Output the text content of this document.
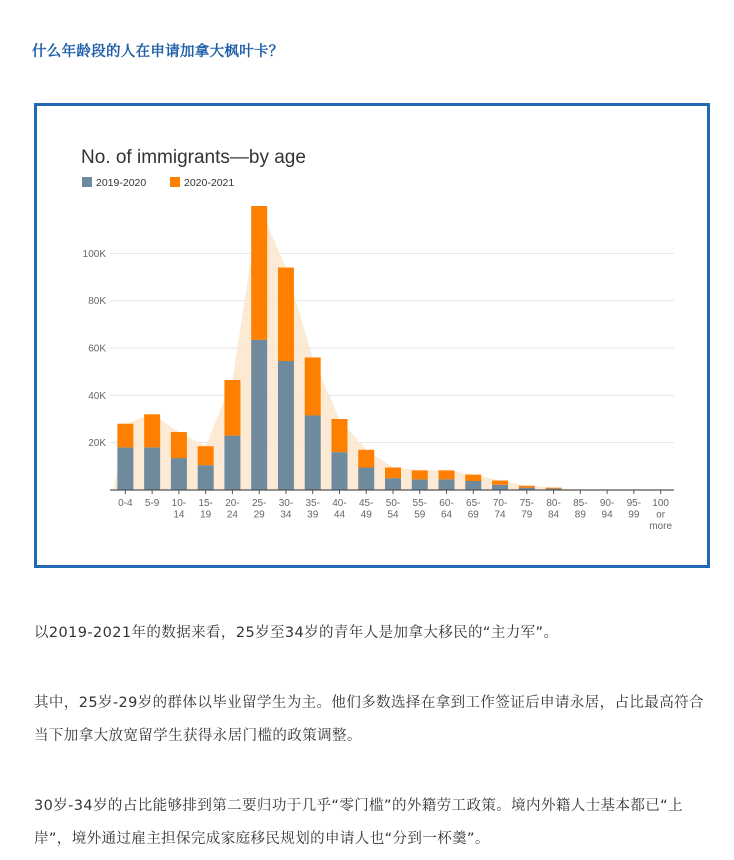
什么年龄段的人在申请加拿大枫叶卡？
No. of immigrants—by age
2019-2020	2020-2021
20K
40K
60K
80K
100K
0-4 5-9 10-14
15-19
20-24
25-29
30-34
35-39
40-44
45-49
50-54
55-59
60-64
65-69
70-74
75-79
80-84
85-89
90-94
95-99
100 or more
以2019-2021年的数据来看，25岁至34岁的青年人是加拿大移民的“主力军”。
其中，25岁-29岁的群体以毕业留学生为主。他们多数选择在拿到工作签证后申请永居，占比最高符合当下加拿大放宽留学生获得永居门槛的政策调整。
30岁-34岁的占比能够排到第二要归功于几乎“零门槛”的外籍劳工政策。境内外籍人士基本都已“上岸”，境外通过雇主担保完成家庭移民规划的申请人也“分到一杯羹”。
